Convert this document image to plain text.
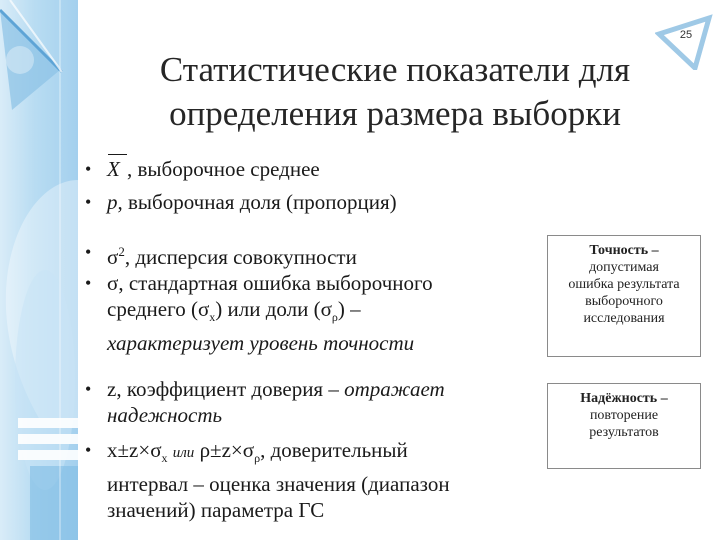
25
Статистические показатели для
определения размера выборки
• X , выборочное среднее
• p, выборочная доля (пропорция)
• $\sigma^2$, дисперсия совокупности
• σ, стандартная ошибка выборочного
среднего $(\sigma_x)$ или доли $(\sigma_\rho)$ –
характеризует уровень точности
• z, коэффициент доверия – отражает
надежность
• $x\pm z\times\sigma_x$ или $\rho\pm z\times\sigma_\rho$, доверительный
интервал – оценка значения (диапазон
значений) параметра ГС
Точность –
допустимая
ошибка результата
выборочного
исследования
Надёжность –
повторение
результатов
